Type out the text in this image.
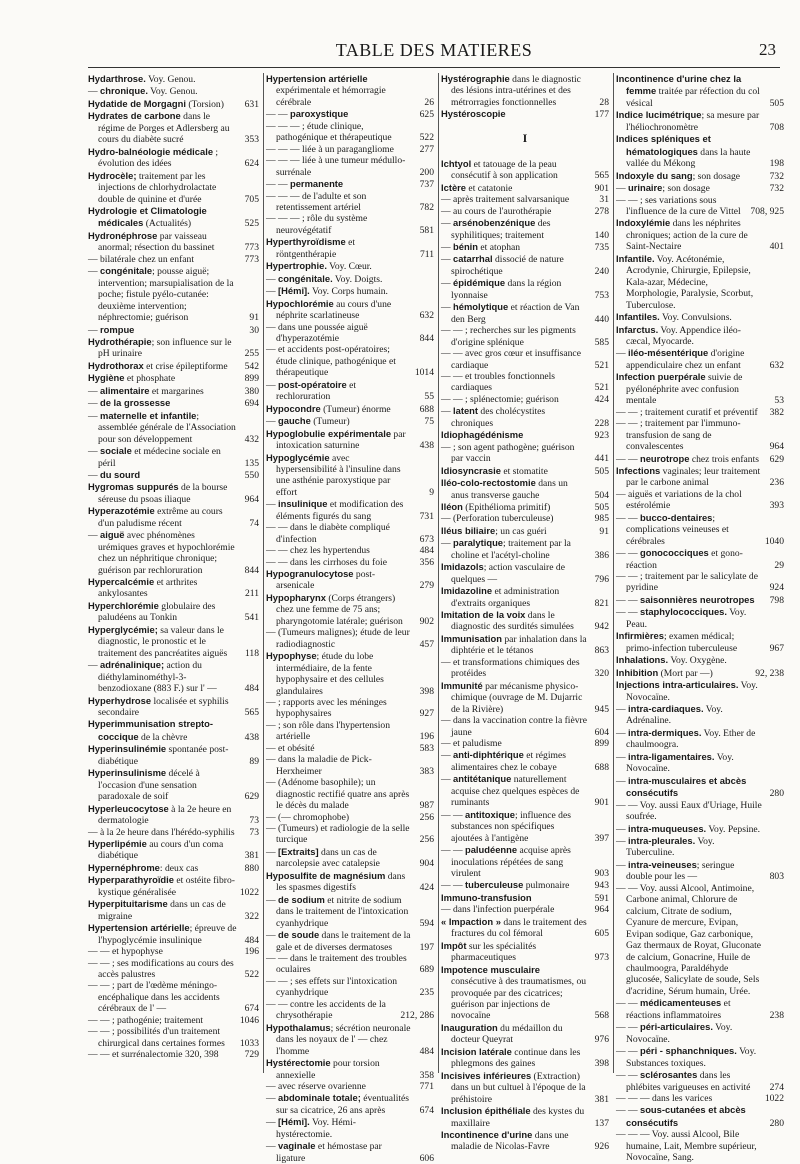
TABLE DES MATIERES	23
Hydarthrose. Voy. Genou.
— chronique. Voy. Genou.
Hydatide de Morgagni (Torsion)	631
Hydrates de carbone dans le régime de Porges et Adlersberg au cours du diabète sucré	353
Hydro-balnéologie médicale ; évolution des idées	624
Hydrocèle; traitement par les injections de chlorhydrolactate double de quinine et d'urée	705
Hydrologie et Climatologie médicales (Actualités)	525
Hydronéphrose par vaisseau anormal; résection du bassinet	773
— bilatérale chez un enfant	773
— congénitale; pousse aiguë; intervention; marsupialisation de la poche; fistule pyélo-cutanée: deuxième intervention; néphrectomie; guérison	91
— rompue	30
Hydrothérapie; son influence sur le pH urinaire	255
Hydrothorax et crise épileptiforme	542
Hygiène et phosphate	899
— alimentaire et margarines	380
— de la grossesse	694
— maternelle et infantile; assemblée générale de l'Association pour son développement	432
— sociale et médecine sociale en péril	135
— du sourd	550
Hygromas suppurés de la bourse séreuse du psoas iliaque	964
Hyperazotémie extrême au cours d'un paludisme récent	74
— aiguë avec phénomènes urémiques graves et hypochlorémie chez un néphritique chronique; guérison par rechloruration	844
Hypercalcémie et arthrites ankylosantes	211
Hyperchlorémie globulaire des paludéens au Tonkin	541
Hyperglycémie; sa valeur dans le diagnostic, le pronostic et le traitement des pancréatites aiguës	118
— adrénalinique; action du diéthylaminométhyl-3-benzodioxane (883 F.) sur l' —	484
Hyperhydrose localisée et syphilis secondaire	565
Hyperimmunisation strepto-coccique de la chèvre	438
Hyperinsulinémie spontanée post-diabétique	89
Hyperinsulinisme décelé à l'occasion d'une sensation paradoxale de soif	629
Hyperleucocytose à la 2e heure en dermatologie	73
— à la 2e heure dans l'hérédo-syphilis	73
Hyperlipémie au cours d'un coma diabétique	381
Hypernéphrome: deux cas	880
Hyperparathyroïdie et ostéite fibro-kystique généralisée	1022
Hyperpituitarisme dans un cas de migraine	322
Hypertension artérielle; épreuve de l'hypoglycémie insulinique	484
— — et hypophyse	196
— — ; ses modifications au cours des accès palustres	522
— — ; part de l'œdème méningo-encéphalique dans les accidents cérébraux de l' —	674
— — ; pathogénie; traitement	1046
— — ; possibilités d'un traitement chirurgical dans certaines formes	1033
— — et surrénalectomie 320, 398	729
Hypertension artérielle expérimentale et hémorragie cérébrale	26
— — paroxystique	625
— — — ; étude clinique, pathogénique et thérapeutique	522
— — — liée à un paragangliome	277
— — — liée à une tumeur médullo-surrénale	200
— — permanente	737
— — — de l'adulte et son retentissement artériel	782
— — — ; rôle du système neurovégétatif	581
Hyperthyroïdisme et röntgenthérapie	711
Hypertrophie. Voy. Cœur.
— congénitale. Voy. Doigts.
— [Hémi]. Voy. Corps humain.
Hypochlorémie au cours d'une néphrite scarlatineuse	632
— dans une poussée aiguë d'hyperazotémie	844
— et accidents post-opératoires; étude clinique, pathogénique et thérapeutique	1014
— post-opératoire et rechloruration	55
Hypocondre (Tumeur) énorme	688
— gauche (Tumeur)	75
Hypoglobulie expérimentale par intoxication saturnine	438
Hypoglycémie avec hypersensibilité à l'insuline dans une asthénie paroxystique par effort	9
— insulinique et modification des éléments figurés du sang	731
— — dans le diabète compliqué d'infection	673
— — chez les hypertendus	484
— — dans les cirrhoses du foie	356
Hypogranulocytose post-arsenicale	279
Hypopharynx (Corps étrangers) chez une femme de 75 ans; pharyngotomie latérale; guérison	902
— (Tumeurs malignes); étude de leur radiodiagnostic	457
Hypophyse; étude du lobe intermédiaire, de la fente hypophysaire et des cellules glandulaires	398
— ; rapports avec les méninges hypophysaires	927
— ; son rôle dans l'hypertension artérielle	196
— et obésité	583
— dans la maladie de Pick-Herxheimer	383
— (Adénome basophile); un diagnostic rectifié quatre ans après le décès du malade	987
— (— chromophobe)	256
— (Tumeurs) et radiologie de la selle turcique	256
— [Extraits] dans un cas de narcolepsie avec catalepsie	904
Hyposulfite de magnésium dans les spasmes digestifs	424
— de sodium et nitrite de sodium dans le traitement de l'intoxication cyanhydrique	594
— de soude dans le traitement de la gale et de diverses dermatoses	197
— — dans le traitement des troubles oculaires	689
— — ; ses effets sur l'intoxication cyanhydrique	235
— — contre les accidents de la chrysothérapie	212, 286
Hypothalamus; sécrétion neuronale dans les noyaux de l' — chez l'homme	484
Hystérectomie pour torsion annexielle	358
— avec réserve ovarienne	771
— abdominale totale; éventualités sur sa cicatrice, 26 ans après	674
— [Hémi]. Voy. Hémi-hystérectomie.
— vaginale et hémostase par ligature	606
Hystérographie dans le diagnostic des lésions intra-utérines et des métrorragies fonctionnelles	28
Hystéroscopie	177
I
Ichtyol et tatouage de la peau consécutif à son application	565
Ictère et catatonie	901
— après traitement salvarsanique	31
— au cours de l'aurothérapie	278
— arsénobenzénique des syphilitiques; traitement	140
— bénin et atophan	735
— catarrhal dissocié de nature spirochétique	240
— épidémique dans la région lyonnaise	753
— hémolytique et réaction de Van den Berg	440
— — ; recherches sur les pigments d'origine splénique	585
— — avec gros cœur et insuffisance cardiaque	521
— — et troubles fonctionnels cardiaques	521
— — ; splénectomie; guérison	424
— latent des cholécystites chroniques	228
Idiophagédénisme	923
— ; son agent pathogène; guérison par vaccin	441
Idiosyncrasie et stomatite	505
Iléo-colo-rectostomie dans un anus transverse gauche	504
Iléon (Epithélioma primitif)	505
— (Perforation tuberculeuse)	985
Iléus biliaire; un cas guéri	91
— paralytique; traitement par la choline et l'acétyl-choline	386
Imidazols; action vasculaire de quelques —	796
Imidazoline et administration d'extraits organiques	821
Imitation de la voix dans le diagnostic des surdités simulées	942
Immunisation par inhalation dans la diphtérie et le tétanos	863
— et transformations chimiques des protéides	320
Immunité par mécanisme physico-chimique (ouvrage de M. Dujarric de la Rivière)	945
— dans la vaccination contre la fièvre jaune	604
— et paludisme	899
— anti-diphtérique et régimes alimentaires chez le cobaye	688
— antitétanique naturellement acquise chez quelques espèces de ruminants	901
— — antitoxique; influence des substances non spécifiques ajoutées à l'antigène	397
— — paludéenne acquise après inoculations répétées de sang virulent	903
— — tuberculeuse pulmonaire	943
Immuno-transfusion	591
— dans l'infection puerpérale	964
« Impaction » dans le traitement des fractures du col fémoral	605
Impôt sur les spécialités pharmaceutiques	973
Impotence musculaire consécutive à des traumatismes, ou provoquée par des cicatrices; guérison par injections de novocaïne	568
Inauguration du médaillon du docteur Queyrat	976
Incision latérale continue dans les phlegmons des gaines	398
Incisives inférieures (Extraction) dans un but cultuel à l'époque de la préhistoire	381
Inclusion épithéliale des kystes du maxillaire	137
Incontinence d'urine dans une maladie de Nicolas-Favre	926
Incontinence d'urine chez la femme traitée par réfection du col vésical	505
Indice lucimétrique; sa mesure par l'héliochronomètre	708
Indices spléniques et hématologiques dans la haute vallée du Mékong	198
Indoxyle du sang; son dosage	732
— urinaire; son dosage	732
— — ; ses variations sous l'influence de la cure de Vittel	708, 925
Indoxylémie dans les néphrites chroniques; action de la cure de Saint-Nectaire	401
Infantile. Voy. Acétonémie, Acrodynie, Chirurgie, Epilepsie, Kala-azar, Médecine, Morphologie, Paralysie, Scorbut, Tuberculose.
Infantiles. Voy. Convulsions.
Infarctus. Voy. Appendice iléo-cæcal, Myocarde.
— iléo-mésentérique d'origine appendiculaire chez un enfant	632
Infection puerpérale suivie de pyélonéphrite avec confusion mentale	53
— — ; traitement curatif et préventif	382
— — ; traitement par l'immuno-transfusion de sang de convalescentes	964
— — neurotrope chez trois enfants	629
Infections vaginales; leur traitement par le carbone animal	236
— aiguës et variations de la chol estérolémie	393
— — bucco-dentaires; complications veineuses et cérébrales	1040
— — gonococciques et gono-réaction	29
— — ; traitement par le salicylate de pyridine	924
— — saisonnières neurotropes	798
— — staphylococciques. Voy. Peau.
Infirmières; examen médical; primo-infection tuberculeuse	967
Inhalations. Voy. Oxygène.
Inhibition (Mort par —)	92, 238
Injections intra-articulaires. Voy. Novocaïne.
— intra-cardiaques. Voy. Adrénaline.
— intra-dermiques. Voy. Ether de chaulmoogra.
— intra-ligamentaires. Voy. Novocaïne.
— intra-musculaires et abcès consécutifs	280
— — Voy. aussi Eaux d'Uriage, Huile soufrée.
— intra-muqueuses. Voy. Pepsine.
— intra-pleurales. Voy. Tuberculine.
— intra-veineuses; seringue double pour les —	803
— — Voy. aussi Alcool, Antimoine, Carbone animal, Chlorure de calcium, Citrate de sodium, Cyanure de mercure, Evipan, Evipan sodique, Gaz carbonique, Gaz thermaux de Royat, Gluconate de calcium, Gonacrine, Huile de chaulmoogra, Paraldéhyde glucosée, Salicylate de soude, Sels d'acridine, Sérum humain, Urée.
— — médicamenteuses et réactions inflammatoires	238
— — péri-articulaires. Voy. Novocaïne.
— — péri - sphanchniques. Voy. Substances toxiques.
— — sclérosantes dans les phlébites varigueuses en activité	274
— — — dans les varices	1022
— — sous-cutanées et abcès consécutifs	280
— — — Voy. aussi Alcool, Bile humaine, Lait, Membre supérieur, Novocaïne, Sang.
